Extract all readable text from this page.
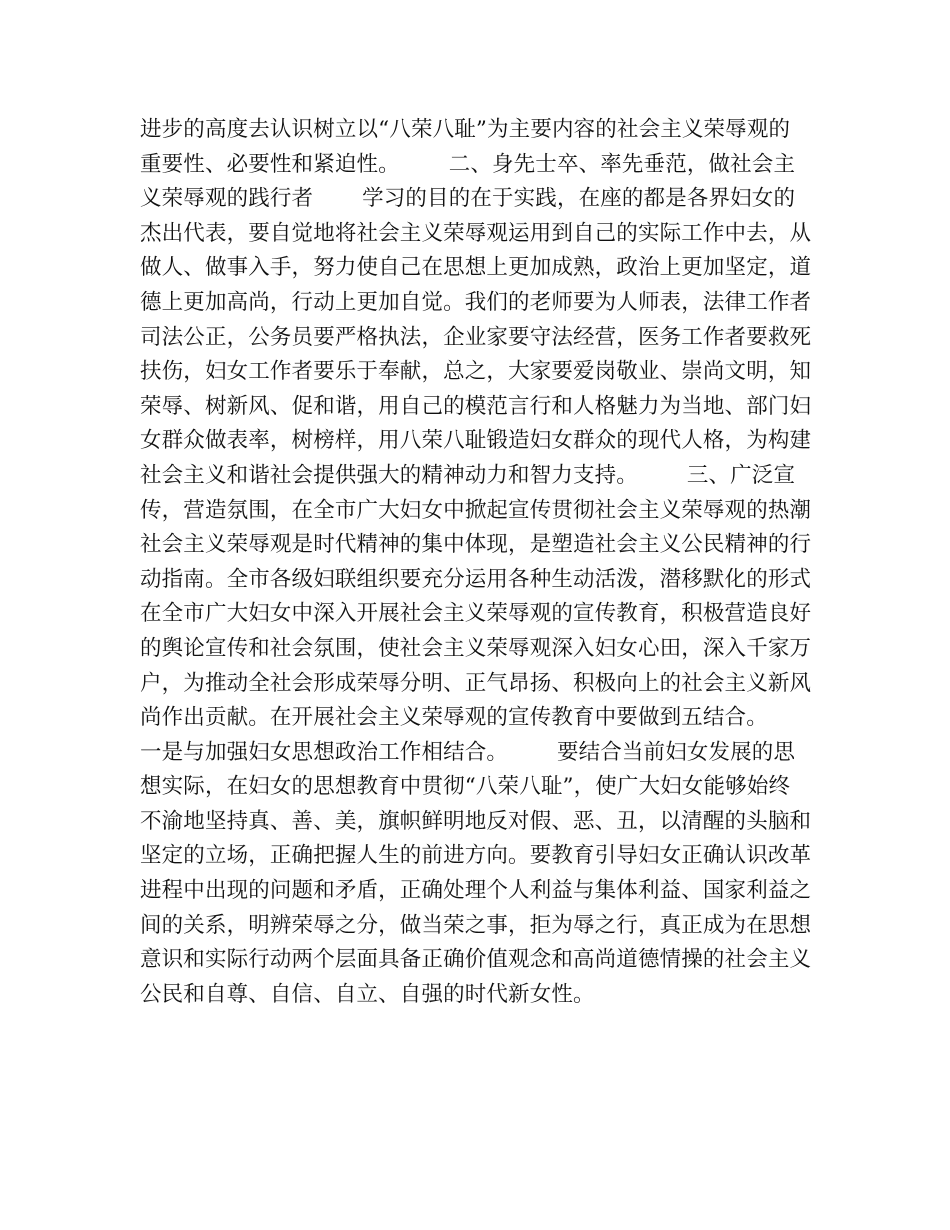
进步的高度去认识树立以“八荣八耻”为主要内容的社会主义荣辱观的
重要性、必要性和紧迫性。       二、身先士卒、率先垂范，做社会主
义荣辱观的践行者       学习的目的在于实践，在座的都是各界妇女的
杰出代表，要自觉地将社会主义荣辱观运用到自己的实际工作中去，从
做人、做事入手，努力使自己在思想上更加成熟，政治上更加坚定，道
德上更加高尚，行动上更加自觉。我们的老师要为人师表，法律工作者
司法公正，公务员要严格执法，企业家要守法经营，医务工作者要救死
扶伤，妇女工作者要乐于奉献，总之，大家要爱岗敬业、崇尚文明，知
荣辱、树新风、促和谐，用自己的模范言行和人格魅力为当地、部门妇
女群众做表率，树榜样，用八荣八耻锻造妇女群众的现代人格，为构建
社会主义和谐社会提供强大的精神动力和智力支持。       三、广泛宣
传，营造氛围，在全市广大妇女中掀起宣传贯彻社会主义荣辱观的热潮
社会主义荣辱观是时代精神的集中体现，是塑造社会主义公民精神的行
动指南。全市各级妇联组织要充分运用各种生动活泼，潜移默化的形式
在全市广大妇女中深入开展社会主义荣辱观的宣传教育，积极营造良好
的舆论宣传和社会氛围，使社会主义荣辱观深入妇女心田，深入千家万
户，为推动全社会形成荣辱分明、正气昂扬、积极向上的社会主义新风
尚作出贡献。在开展社会主义荣辱观的宣传教育中要做到五结合。
一是与加强妇女思想政治工作相结合。       要结合当前妇女发展的思
想实际，在妇女的思想教育中贯彻“八荣八耻”，使广大妇女能够始终
不渝地坚持真、善、美，旗帜鲜明地反对假、恶、丑，以清醒的头脑和
坚定的立场，正确把握人生的前进方向。要教育引导妇女正确认识改革
进程中出现的问题和矛盾，正确处理个人利益与集体利益、国家利益之
间的关系，明辨荣辱之分，做当荣之事，拒为辱之行，真正成为在思想
意识和实际行动两个层面具备正确价值观念和高尚道德情操的社会主义
公民和自尊、自信、自立、自强的时代新女性。
